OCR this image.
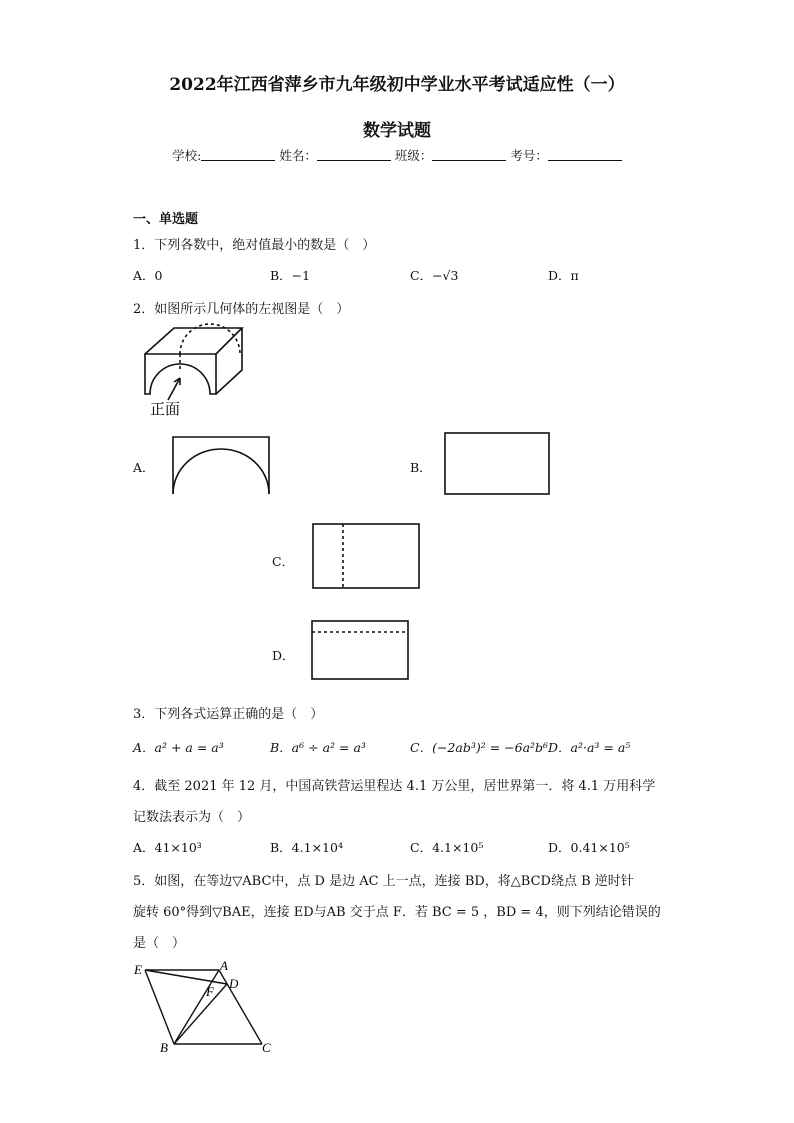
2022年江西省萍乡市九年级初中学业水平考试适应性（一）
数学试题
学校:	姓名：	班级：	考号：
一、单选题
1．下列各数中，绝对值最小的数是（　）
A．0	B．−1	C．−√3	D．π
2．如图所示几何体的左视图是（　）
正面
A．	B．
C．
D．
3．下列各式运算正确的是（　）
A．a² + a = a³	B．a⁶ ÷ a² = a³	C．(−2ab³)² = −6a²b⁶ D．a²·a³ = a⁵
4．截至 2021 年 12 月，中国高铁营运里程达 4.1 万公里，居世界第一．将 4.1 万用科学
记数法表示为（　）
A．41×10³	B．4.1×10⁴	C．4.1×10⁵	D．0.41×10⁵
5．如图，在等边▽ABC中，点 D 是边 AC 上一点，连接 BD，将△BCD绕点 B 逆时针
旋转 60°得到▽BAE，连接 ED与AB 交于点 F．若 BC = 5 ，BD = 4，则下列结论错误的
是（　）
E	A
F
D
B	C
